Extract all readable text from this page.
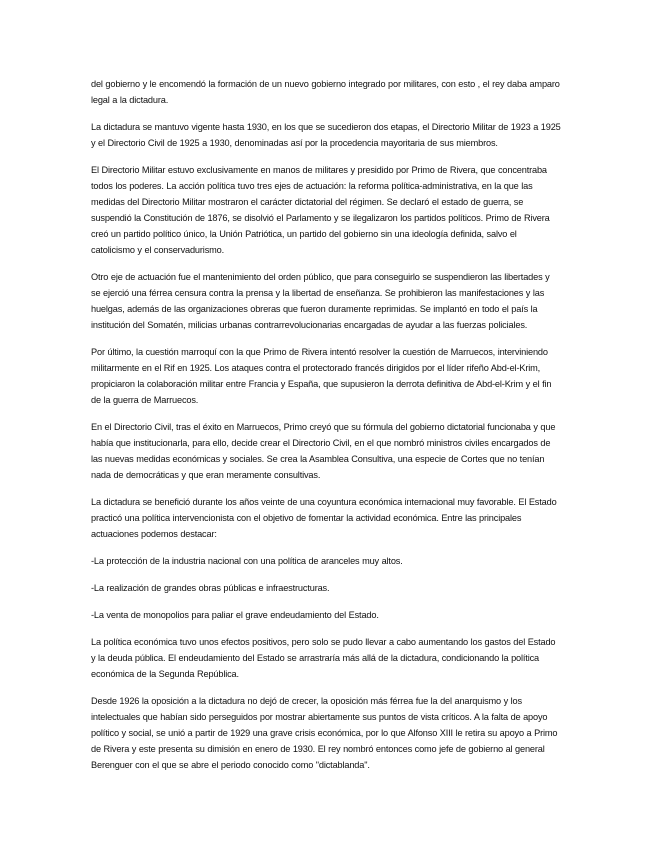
del gobierno y le encomendó la formación de un nuevo gobierno integrado por militares, con esto , el rey daba amparo legal a la dictadura.

La dictadura se mantuvo vigente hasta 1930, en los que se sucedieron dos etapas, el Directorio Militar de 1923 a 1925 y el Directorio Civil de 1925 a 1930, denominadas así por la procedencia mayoritaria de sus miembros.

El Directorio Militar estuvo exclusivamente en manos de militares y presidido por Primo de Rivera, que concentraba todos los poderes. La acción política tuvo tres ejes de actuación: la reforma política-administrativa, en la que las medidas del Directorio Militar mostraron el carácter dictatorial del régimen. Se declaró el estado de guerra, se suspendió la Constitución de 1876, se disolvió el Parlamento y se ilegalizaron los partidos políticos. Primo de Rivera creó un partido político único, la Unión Patriótica, un partido del gobierno sin una ideología definida, salvo el catolicismo y el conservadurismo.

Otro eje de actuación fue el mantenimiento del orden público, que para conseguirlo se suspendieron las libertades y se ejerció una férrea censura contra la prensa y la libertad de enseñanza. Se prohibieron las manifestaciones y las huelgas, además de las organizaciones obreras que fueron duramente reprimidas. Se implantó en todo el país la institución del Somatén, milicias urbanas contrarrevolucionarias encargadas de ayudar a las fuerzas policiales.

Por último, la cuestión marroquí con la que Primo de Rivera intentó resolver la cuestión de Marruecos, interviniendo militarmente en el Rif en 1925. Los ataques contra el protectorado francés dirigidos por el líder rifeño Abd-el-Krim, propiciaron la colaboración militar entre Francia y España, que supusieron la derrota definitiva de Abd-el-Krim y el fin de la guerra de Marruecos.

En el Directorio Civil, tras el éxito en Marruecos, Primo creyó que su fórmula del gobierno dictatorial funcionaba y que había que institucionarla, para ello, decide crear el Directorio Civil, en el que nombró ministros civiles encargados de las nuevas medidas económicas y sociales. Se crea la Asamblea Consultiva, una especie de Cortes que no tenían nada de democráticas y que eran meramente consultivas.

La dictadura se benefició durante los años veinte de una coyuntura económica internacional muy favorable. El Estado practicó una política intervencionista con el objetivo de fomentar la actividad económica. Entre las principales actuaciones podemos destacar:

-La protección de la industria nacional con una política de aranceles muy altos.

-La realización de grandes obras públicas e infraestructuras.

-La venta de monopolios para paliar el grave endeudamiento del Estado.

La política económica tuvo unos efectos positivos, pero solo se pudo llevar a cabo aumentando los gastos del Estado y la deuda pública. El endeudamiento del Estado se arrastraría más allá de la dictadura, condicionando la política económica de la Segunda República.

Desde 1926 la oposición a la dictadura no dejó de crecer, la oposición más férrea fue la del anarquismo y los intelectuales que habían sido perseguidos por mostrar abiertamente sus puntos de vista críticos. A la falta de apoyo político y social, se unió a partir de 1929 una grave crisis económica, por lo que Alfonso XIII le retira su apoyo a Primo de Rivera y este presenta su dimisión en enero de 1930. El rey nombró entonces como jefe de gobierno al general Berenguer con el que se abre el periodo conocido como "dictablanda".
